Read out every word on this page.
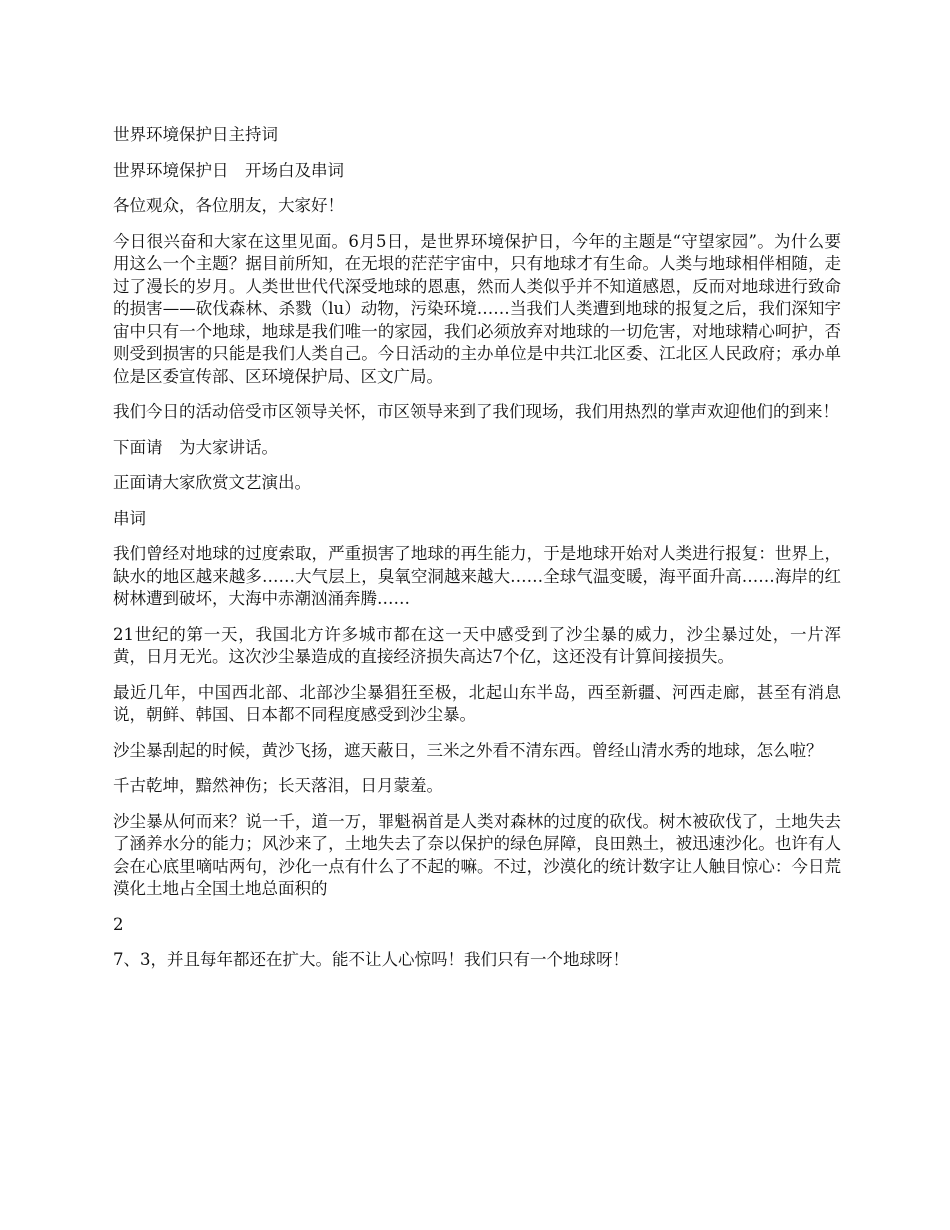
世界环境保护日主持词

世界环境保护日　开场白及串词

各位观众，各位朋友，大家好！

今日很兴奋和大家在这里见面。6月5日，是世界环境保护日，今年的主题是“守望家园”。为什么要用这么一个主题？据目前所知，在无垠的茫茫宇宙中，只有地球才有生命。人类与地球相伴相随，走过了漫长的岁月。人类世世代代深受地球的恩惠，然而人类似乎并不知道感恩，反而对地球进行致命的损害——砍伐森林、杀戮（lu）动物，污染环境……当我们人类遭到地球的报复之后，我们深知宇宙中只有一个地球，地球是我们唯一的家园，我们必须放弃对地球的一切危害，对地球精心呵护，否则受到损害的只能是我们人类自己。今日活动的主办单位是中共江北区委、江北区人民政府；承办单位是区委宣传部、区环境保护局、区文广局。

我们今日的活动倍受市区领导关怀，市区领导来到了我们现场，我们用热烈的掌声欢迎他们的到来！

下面请　为大家讲话。

正面请大家欣赏文艺演出。

串词

我们曾经对地球的过度索取，严重损害了地球的再生能力，于是地球开始对人类进行报复：世界上，缺水的地区越来越多……大气层上，臭氧空洞越来越大……全球气温变暖，海平面升高……海岸的红树林遭到破坏，大海中赤潮汹涌奔腾……

21世纪的第一天，我国北方许多城市都在这一天中感受到了沙尘暴的威力，沙尘暴过处，一片浑黄，日月无光。这次沙尘暴造成的直接经济损失高达7个亿，这还没有计算间接损失。

最近几年，中国西北部、北部沙尘暴猖狂至极，北起山东半岛，西至新疆、河西走廊，甚至有消息说，朝鲜、韩国、日本都不同程度感受到沙尘暴。

沙尘暴刮起的时候，黄沙飞扬，遮天蔽日，三米之外看不清东西。曾经山清水秀的地球，怎么啦？

千古乾坤，黯然神伤；长天落泪，日月蒙羞。

沙尘暴从何而来？说一千，道一万，罪魁祸首是人类对森林的过度的砍伐。树木被砍伐了，土地失去了涵养水分的能力；风沙来了，土地失去了奈以保护的绿色屏障，良田熟土，被迅速沙化。也许有人会在心底里嘀咕两句，沙化一点有什么了不起的嘛。不过，沙漠化的统计数字让人触目惊心：今日荒漠化土地占全国土地总面积的

2

7、3，并且每年都还在扩大。能不让人心惊吗！我们只有一个地球呀！
